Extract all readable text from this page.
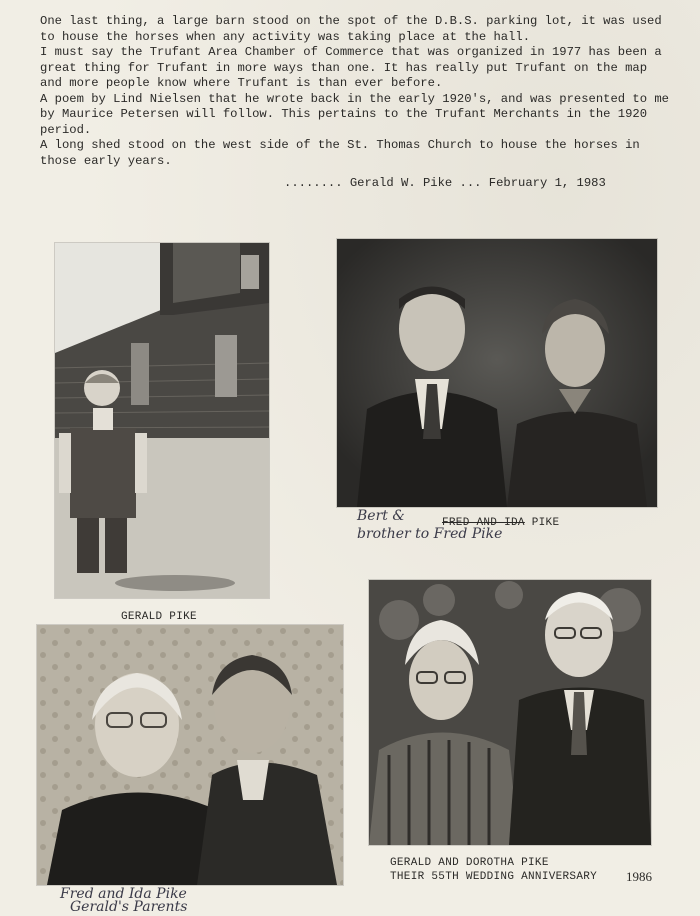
One last thing, a large barn stood on the spot of the D.B.S. parking lot, it was used to house the horses when any activity was taking place at the hall.

I must say the Trufant Area Chamber of Commerce that was organized in 1977 has been a great thing for Trufant in more ways than one. It has really put Trufant on the map and more people know where Trufant is than ever before.

A poem by Lind Nielsen that he wrote back in the early 1920's, and was presented to me by Maurice Petersen will follow. This pertains to the Trufant Merchants in the 1920 period.

A long shed stood on the west side of the St. Thomas Church to house the horses in those early years.

........ Gerald W. Pike ... February 1, 1983
GERALD PIKE
Bert &
brother to Fred Pike
FRED AND IDA PIKE
Fred and Ida Pike
Gerald's Parents
GERALD AND DOROTHA PIKE
THEIR 55TH WEDDING ANNIVERSARY 1986
